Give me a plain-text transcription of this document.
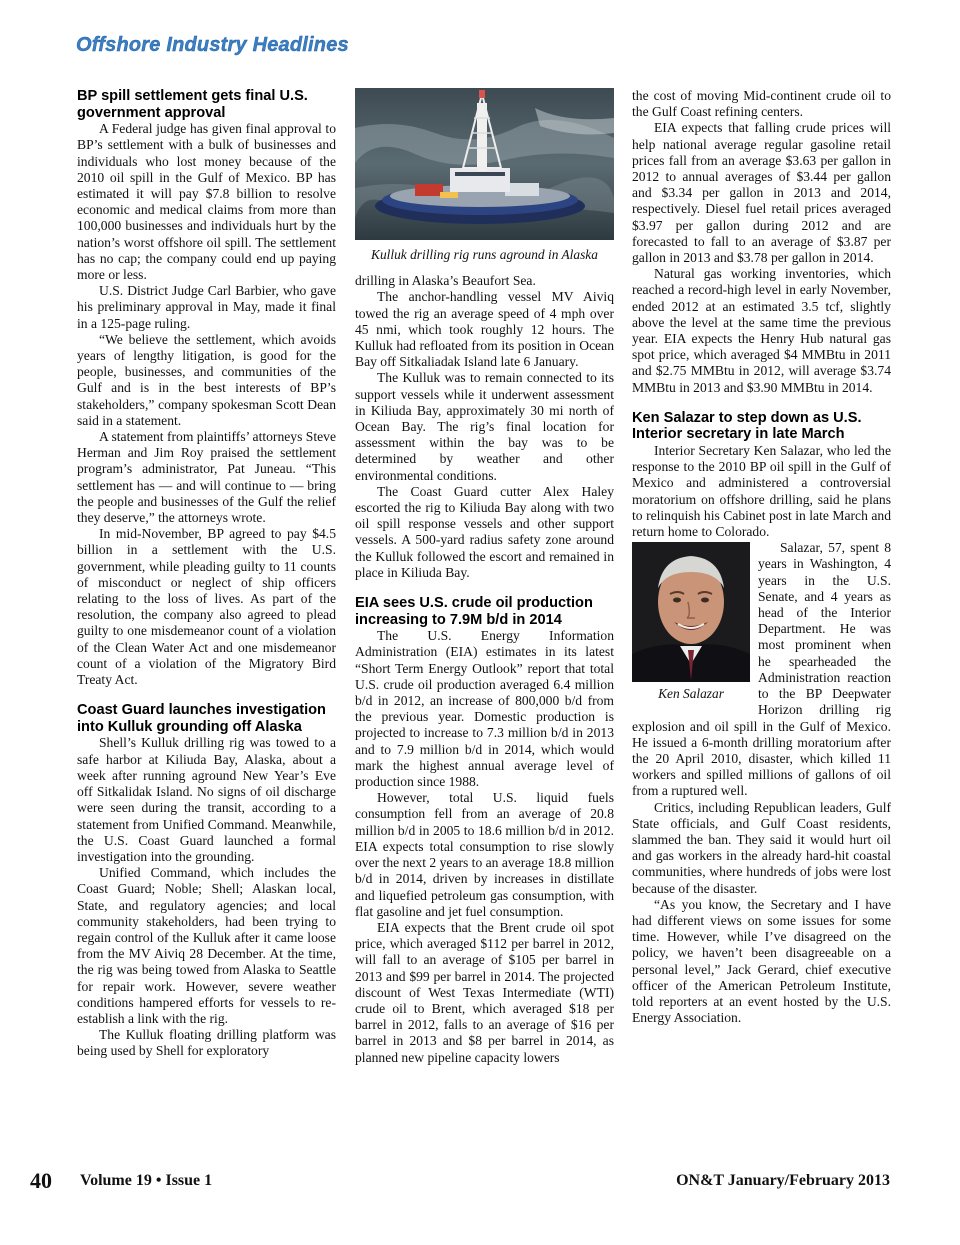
Offshore Industry Headlines
BP spill settlement gets final U.S. government approval

A Federal judge has given final approval to BP’s settlement with a bulk of businesses and individuals who lost money because of the 2010 oil spill in the Gulf of Mexico. BP has estimated it will pay $7.8 billion to resolve economic and medical claims from more than 100,000 businesses and individuals hurt by the nation’s worst offshore oil spill. The settlement has no cap; the company could end up paying more or less.

U.S. District Judge Carl Barbier, who gave his preliminary approval in May, made it final in a 125-page ruling.

“We believe the settlement, which avoids years of lengthy litigation, is good for the people, businesses, and communities of the Gulf and is in the best interests of BP’s stakeholders,” company spokesman Scott Dean said in a statement.

A statement from plaintiffs’ attorneys Steve Herman and Jim Roy praised the settlement program’s administrator, Pat Juneau. “This settlement has — and will continue to — bring the people and businesses of the Gulf the relief they deserve,” the attorneys wrote.

In mid-November, BP agreed to pay $4.5 billion in a settlement with the U.S. government, while pleading guilty to 11 counts of misconduct or neglect of ship officers relating to the loss of lives. As part of the resolution, the company also agreed to plead guilty to one misdemeanor count of a violation of the Clean Water Act and one misdemeanor count of a violation of the Migratory Bird Treaty Act.

Coast Guard launches investigation into Kulluk grounding off Alaska

Shell’s Kulluk drilling rig was towed to a safe harbor at Kiliuda Bay, Alaska, about a week after running aground New Year’s Eve off Sitkalidak Island. No signs of oil discharge were seen during the transit, according to a statement from Unified Command. Meanwhile, the U.S. Coast Guard launched a formal investigation into the grounding.

Unified Command, which includes the Coast Guard; Noble; Shell; Alaskan local, State, and regulatory agencies; and local community stakeholders, had been trying to regain control of the Kulluk after it came loose from the MV Aiviq 28 December. At the time, the rig was being towed from Alaska to Seattle for repair work. However, severe weather conditions hampered efforts for vessels to re-establish a link with the rig.

The Kulluk floating drilling platform was being used by Shell for exploratory

Kulluk drilling rig runs aground in Alaska

drilling in Alaska’s Beaufort Sea.

The anchor-handling vessel MV Aiviq towed the rig an average speed of 4 mph over 45 nmi, which took roughly 12 hours. The Kulluk had refloated from its position in Ocean Bay off Sitkaliadak Island late 6 January.

The Kulluk was to remain connected to its support vessels while it underwent assessment in Kiliuda Bay, approximately 30 mi north of Ocean Bay. The rig’s final location for assessment within the bay was to be determined by weather and other environmental conditions.

The Coast Guard cutter Alex Haley escorted the rig to Kiliuda Bay along with two oil spill response vessels and other support vessels. A 500-yard radius safety zone around the Kulluk followed the escort and remained in place in Kiliuda Bay.

EIA sees U.S. crude oil production increasing to 7.9M b/d in 2014

The U.S. Energy Information Administration (EIA) estimates in its latest “Short Term Energy Outlook” report that total U.S. crude oil production averaged 6.4 million b/d in 2012, an increase of 800,000 b/d from the previous year. Domestic production is projected to increase to 7.3 million b/d in 2013 and to 7.9 million b/d in 2014, which would mark the highest annual average level of production since 1988.

However, total U.S. liquid fuels consumption fell from an average of 20.8 million b/d in 2005 to 18.6 million b/d in 2012. EIA expects total consumption to rise slowly over the next 2 years to an average 18.8 million b/d in 2014, driven by increases in distillate and liquefied petroleum gas consumption, with flat gasoline and jet fuel consumption.

EIA expects that the Brent crude oil spot price, which averaged $112 per barrel in 2012, will fall to an average of $105 per barrel in 2013 and $99 per barrel in 2014. The projected discount of West Texas Intermediate (WTI) crude oil to Brent, which averaged $18 per barrel in 2012, falls to an average of $16 per barrel in 2013 and $8 per barrel in 2014, as planned new pipeline capacity lowers

the cost of moving Mid-continent crude oil to the Gulf Coast refining centers.

EIA expects that falling crude prices will help national average regular gasoline retail prices fall from an average $3.63 per gallon in 2012 to annual averages of $3.44 per gallon and $3.34 per gallon in 2013 and 2014, respectively. Diesel fuel retail prices averaged $3.97 per gallon during 2012 and are forecasted to fall to an average of $3.87 per gallon in 2013 and $3.78 per gallon in 2014.

Natural gas working inventories, which reached a record-high level in early November, ended 2012 at an estimated 3.5 tcf, slightly above the level at the same time the previous year. EIA expects the Henry Hub natural gas spot price, which averaged $4 MMBtu in 2011 and $2.75 MMBtu in 2012, will average $3.74 MMBtu in 2013 and $3.90 MMBtu in 2014.

Ken Salazar to step down as U.S. Interior secretary in late March

Interior Secretary Ken Salazar, who led the response to the 2010 BP oil spill in the Gulf of Mexico and administered a controversial moratorium on offshore drilling, said he plans to relinquish his Cabinet post in late March and return home to Colorado.

Ken Salazar

Salazar, 57, spent 8 years in Washington, 4 years in the U.S. Senate, and 4 years as head of the Interior Department. He was most prominent when he spearheaded the Administration reaction to the BP Deepwater Horizon drilling rig explosion and oil spill in the Gulf of Mexico. He issued a 6-month drilling moratorium after the 20 April 2010, disaster, which killed 11 workers and spilled millions of gallons of oil from a ruptured well.

Critics, including Republican leaders, Gulf State officials, and Gulf Coast residents, slammed the ban. They said it would hurt oil and gas workers in the already hard-hit coastal communities, where hundreds of jobs were lost because of the disaster.

“As you know, the Secretary and I have had different views on some issues for some time. However, while I’ve disagreed on the policy, we haven’t been disagreeable on a personal level,” Jack Gerard, chief executive officer of the American Petroleum Institute, told reporters at an event hosted by the U.S. Energy Association.

40 Volume 19 • Issue 1	ON&T January/February 2013
